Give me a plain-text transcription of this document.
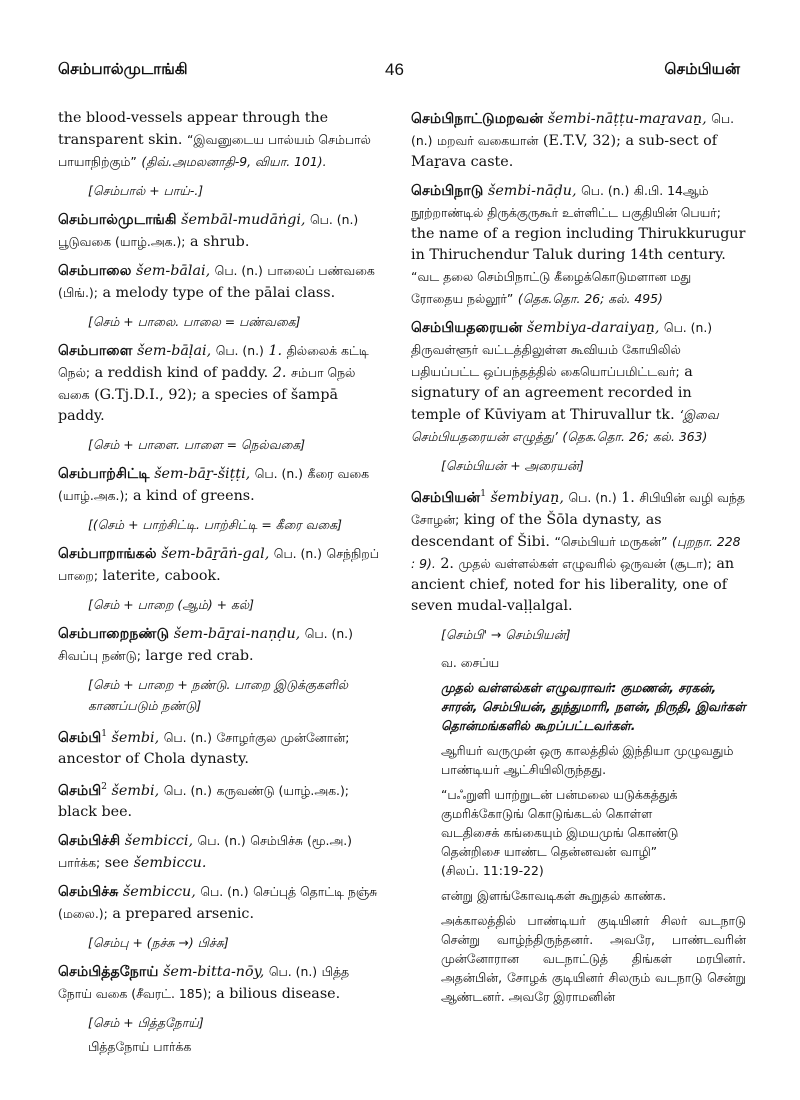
செம்பால்முடாங்கி	46	செம்பியன்
the blood-vessels appear through the transparent skin. “இவனுடைய பால்யம் செம்பால் பாயாநிற்கும்” (திவ்.அமலனாதி-9, வியா. 101).
[செம்பால் + பாய்-.]
செம்பால்முடாங்கி šembāl-mudāṅgi, பெ. (n.) பூடுவகை (யாழ்.அக.); a shrub.
செம்பாலை šem-bālai, பெ. (n.) பாலைப் பண்வகை (பிங்.); a melody type of the pālai class.
[செம் + பாலை. பாலை = பண்வகை]
செம்பாளை šem-bāḷai, பெ. (n.) 1. தில்லைக் கட்டி நெல்; a reddish kind of paddy. 2. சம்பா நெல் வகை (G.Tj.D.I., 92); a species of šampā paddy.
[செம் + பாளை. பாளை = நெல்வகை]
செம்பாற்சிட்டி šem-bāṟ-šiṭṭi, பெ. (n.) கீரை வகை (யாழ்.அக.); a kind of greens.
[(செம் + பாற்சிட்டி. பாற்சிட்டி = கீரை வகை]
செம்பாறாங்கல் šem-bāṟāṅ-gal, பெ. (n.) செந்நிறப் பாறை; laterite, cabook.
[செம் + பாறை (ஆம்) + கல்]
செம்பாறைநண்டு šem-bāṟai-naṇḍu, பெ. (n.) சிவப்பு நண்டு; large red crab.
[செம் + பாறை + நண்டு. பாறை இடுக்குகளில் காணப்படும் நண்டு]
செம்பி$^1$ šembi, பெ. (n.) சோழர்குல முன்னோன்; ancestor of Chola dynasty.
செம்பி$^2$ šembi, பெ. (n.) கருவண்டு (யாழ்.அக.); black bee.
செம்பிச்சி šembicci, பெ. (n.) செம்பிச்சு (மூ.அ.) பார்க்க; see šembiccu.
செம்பிச்சு šembiccu, பெ. (n.) செப்புத் தொட்டி நஞ்சு (மலை.); a prepared arsenic.
[செம்பு + (நச்சு →) பிச்சு]
செம்பித்தநோய் šem-bitta-nōy, பெ. (n.) பித்த நோய் வகை (சீவரட். 185); a bilious disease.
[செம் + பித்தநோய்]
பித்தநோய் பார்க்க
செம்பிநாட்டுமறவன் šembi-nāṭṭu-maṟavaṉ, பெ. (n.) மறவர் வகையான் (E.T.V, 32); a sub-sect of Maṟava caste.
செம்பிநாடு šembi-nāḍu, பெ. (n.) கி.பி. 14ஆம் நூற்றாண்டில் திருக்குருகூர் உள்ளிட்ட பகுதியின் பெயர்; the name of a region including Thirukkurugur in Thiruchendur Taluk during 14th century. “வட தலை செம்பிநாட்டு கீழைக்கொடுமளான மது ரோதைய நல்லூர்” (தெக.தொ. 26; கல். 495)
செம்பியதரையன் šembiya-daraiyaṉ, பெ. (n.) திருவள்ளூர் வட்டத்திலுள்ள கூவியம் கோயிலில் பதியப்பட்ட ஒப்பந்தத்தில் கையொப்பமிட்டவர்; a signatury of an agreement recorded in temple of Kūviyam at Thiruvallur tk. ‘இவை செம்பியதரையன் எழுத்து’ (தெக.தொ. 26; கல். 363)
[செம்பியன் + அரையன்]
செம்பியன்$^1$ šembiyaṉ, பெ. (n.) 1. சிபியின் வழி வந்த சோழன்; king of the Šōla dynasty, as descendant of Šibi. “செம்பியர் மருகன்” (புறநா. 228 : 9). 2. முதல் வள்ளல்கள் எழுவரில் ஒருவன் (சூடா); an ancient chief, noted for his liberality, one of seven mudal-vaḷḷalgal.
[செம்பி' → செம்பியன்]
வ. சைப்ய
முதல் வள்ளல்கள் எழுவராவர்: குமணன், சரகன், சாரன், செம்பியன், துந்துமாரி, நளன், நிருதி, இவர்கள் தொன்மங்களில் கூறப்பட்டவர்கள்.
ஆரியர் வருமுன் ஒரு காலத்தில் இந்தியா முழுவதும் பாண்டியர் ஆட்சியிலிருந்தது.
“பஃறுளி யாற்றுடன் பன்மலை யடுக்கத்துக்
குமரிக்கோடுங் கொடுங்கடல் கொள்ள
வடதிசைக் கங்கையும் இமயமுங் கொண்டு
தென்றிசை யாண்ட தென்னவன் வாழி”
(சிலப். 11:19-22)
என்று இளங்கோவடிகள் கூறுதல் காண்க.
அக்காலத்தில் பாண்டியர் குடியினர் சிலர் வடநாடு சென்று வாழ்ந்திருந்தனர். அவரே, பாண்டவரின் முன்னோரான வடநாட்டுத் திங்கள் மரபினர். அதன்பின், சோழக் குடியினர் சிலரும் வடநாடு சென்று ஆண்டனர். அவரே இராமனின்
